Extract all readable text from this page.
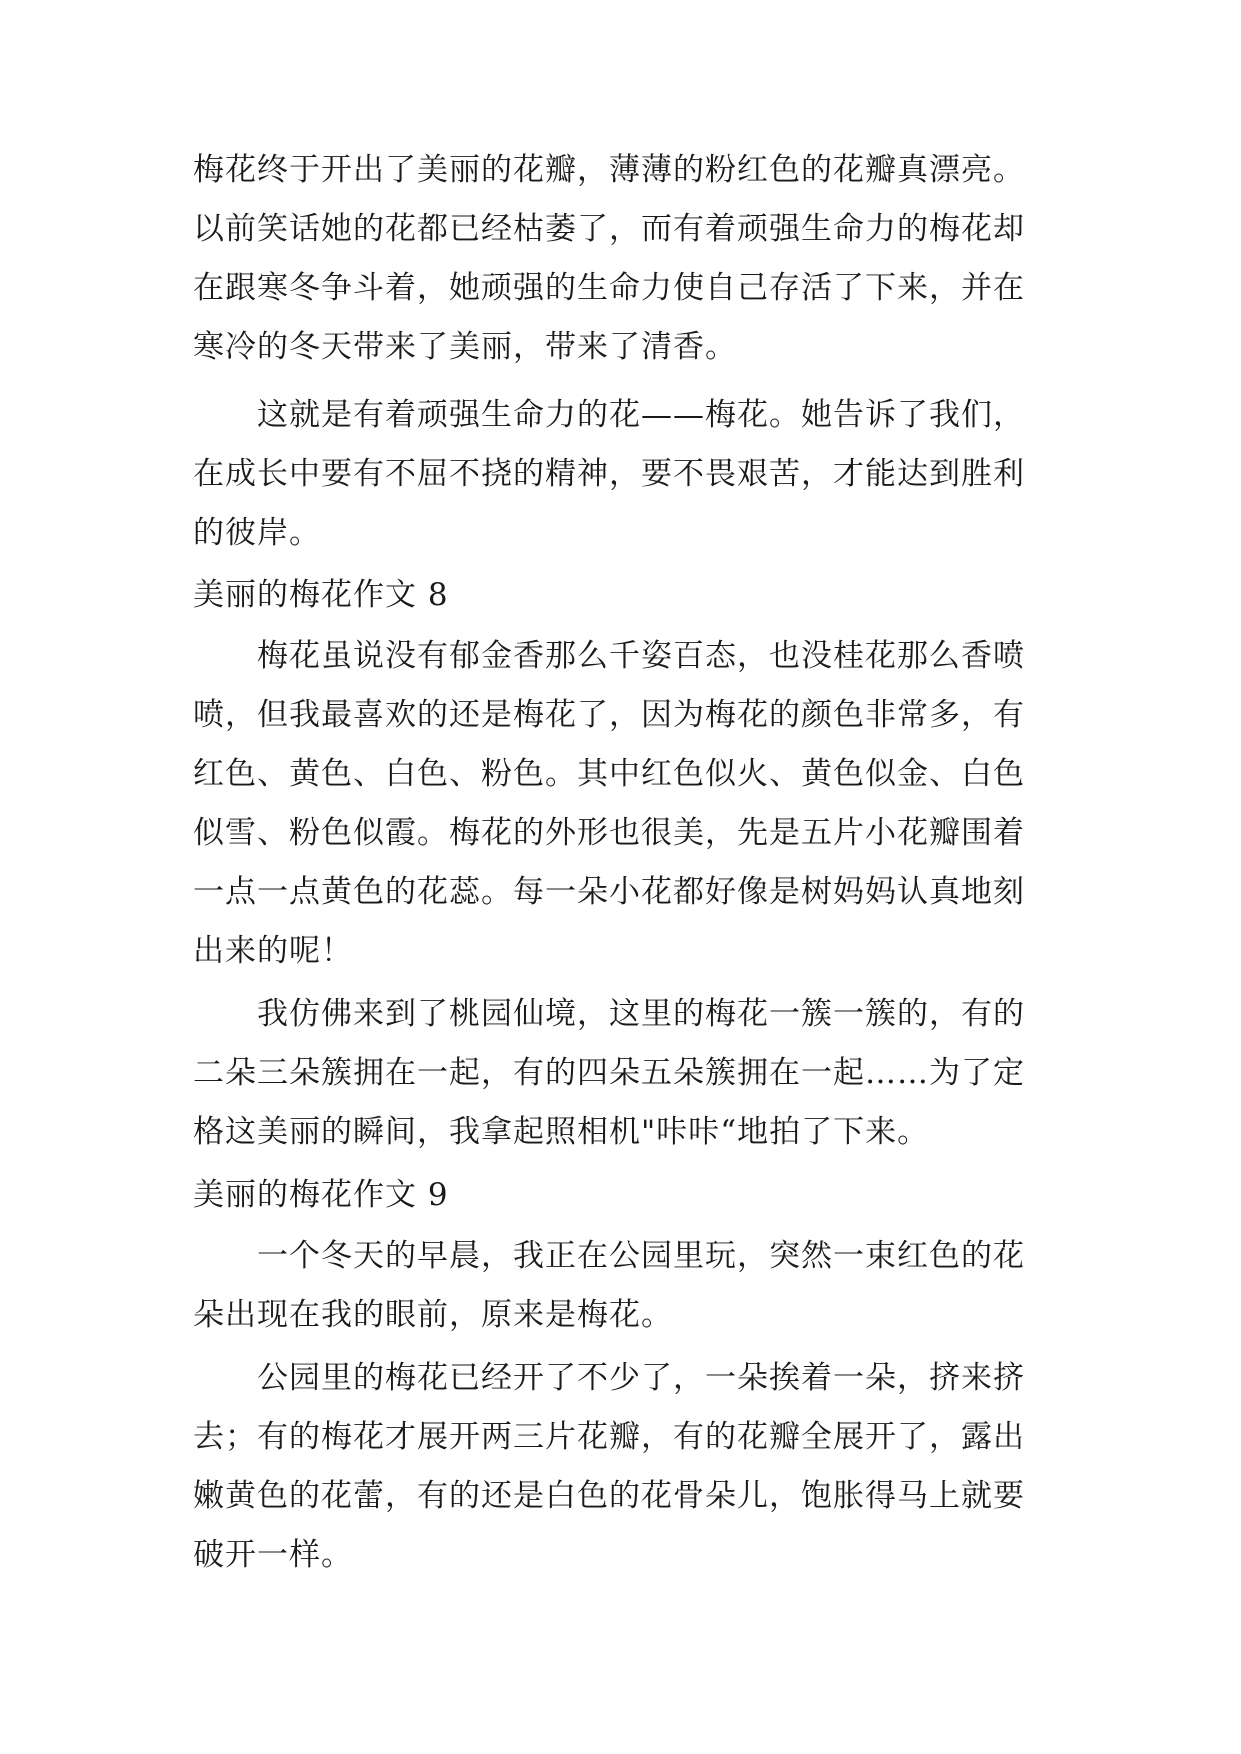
梅花终于开出了美丽的花瓣，薄薄的粉红色的花瓣真漂亮。
以前笑话她的花都已经枯萎了，而有着顽强生命力的梅花却
在跟寒冬争斗着，她顽强的生命力使自己存活了下来，并在
寒冷的冬天带来了美丽，带来了清香。
这就是有着顽强生命力的花——梅花。她告诉了我们，
在成长中要有不屈不挠的精神，要不畏艰苦，才能达到胜利
的彼岸。
美丽的梅花作文 8
梅花虽说没有郁金香那么千姿百态，也没桂花那么香喷
喷，但我最喜欢的还是梅花了，因为梅花的颜色非常多，有
红色、黄色、白色、粉色。其中红色似火、黄色似金、白色
似雪、粉色似霞。梅花的外形也很美，先是五片小花瓣围着
一点一点黄色的花蕊。每一朵小花都好像是树妈妈认真地刻
出来的呢！
我仿佛来到了桃园仙境，这里的梅花一簇一簇的，有的
二朵三朵簇拥在一起，有的四朵五朵簇拥在一起……为了定
格这美丽的瞬间，我拿起照相机"咔咔“地拍了下来。
美丽的梅花作文 9
一个冬天的早晨，我正在公园里玩，突然一束红色的花
朵出现在我的眼前，原来是梅花。
公园里的梅花已经开了不少了，一朵挨着一朵，挤来挤
去；有的梅花才展开两三片花瓣，有的花瓣全展开了，露出
嫩黄色的花蕾，有的还是白色的花骨朵儿，饱胀得马上就要
破开一样。
